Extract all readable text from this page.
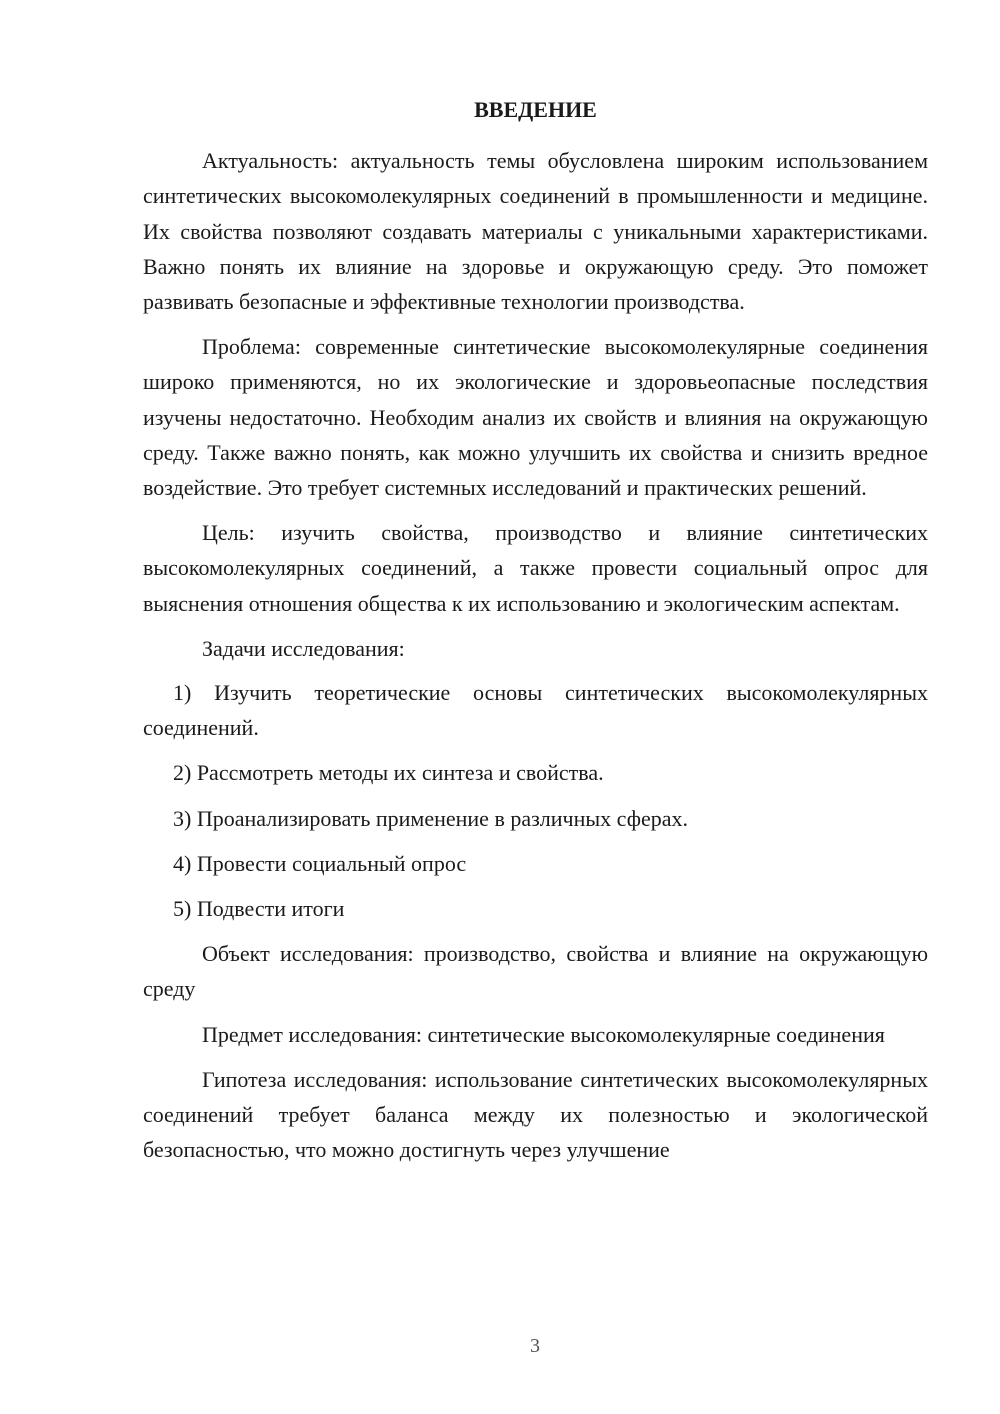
ВВЕДЕНИЕ

Актуальность: актуальность темы обусловлена широким использованием синтетических высокомолекулярных соединений в промышленности и медицине. Их свойства позволяют создавать материалы с уникальными характеристиками. Важно понять их влияние на здоровье и окружающую среду. Это поможет развивать безопасные и эффективные технологии производства.

Проблема: современные синтетические высокомолекулярные соединения широко применяются, но их экологические и здоровьеопасные последствия изучены недостаточно. Необходим анализ их свойств и влияния на окружающую среду. Также важно понять, как можно улучшить их свойства и снизить вредное воздействие. Это требует системных исследований и практических решений.

Цель: изучить свойства, производство и влияние синтетических высокомолекулярных соединений, а также провести социальный опрос для выяснения отношения общества к их использованию и экологическим аспектам.

Задачи исследования:

1) Изучить теоретические основы синтетических высокомолекулярных соединений.

2) Рассмотреть методы их синтеза и свойства.

3) Проанализировать применение в различных сферах.

4) Провести социальный опрос

5) Подвести итоги

Объект исследования: производство, свойства и влияние на окружающую среду

Предмет исследования: синтетические высокомолекулярные соединения

Гипотеза исследования: использование синтетических высокомолекулярных соединений требует баланса между их полезностью и экологической безопасностью, что можно достигнуть через улучшение

3
